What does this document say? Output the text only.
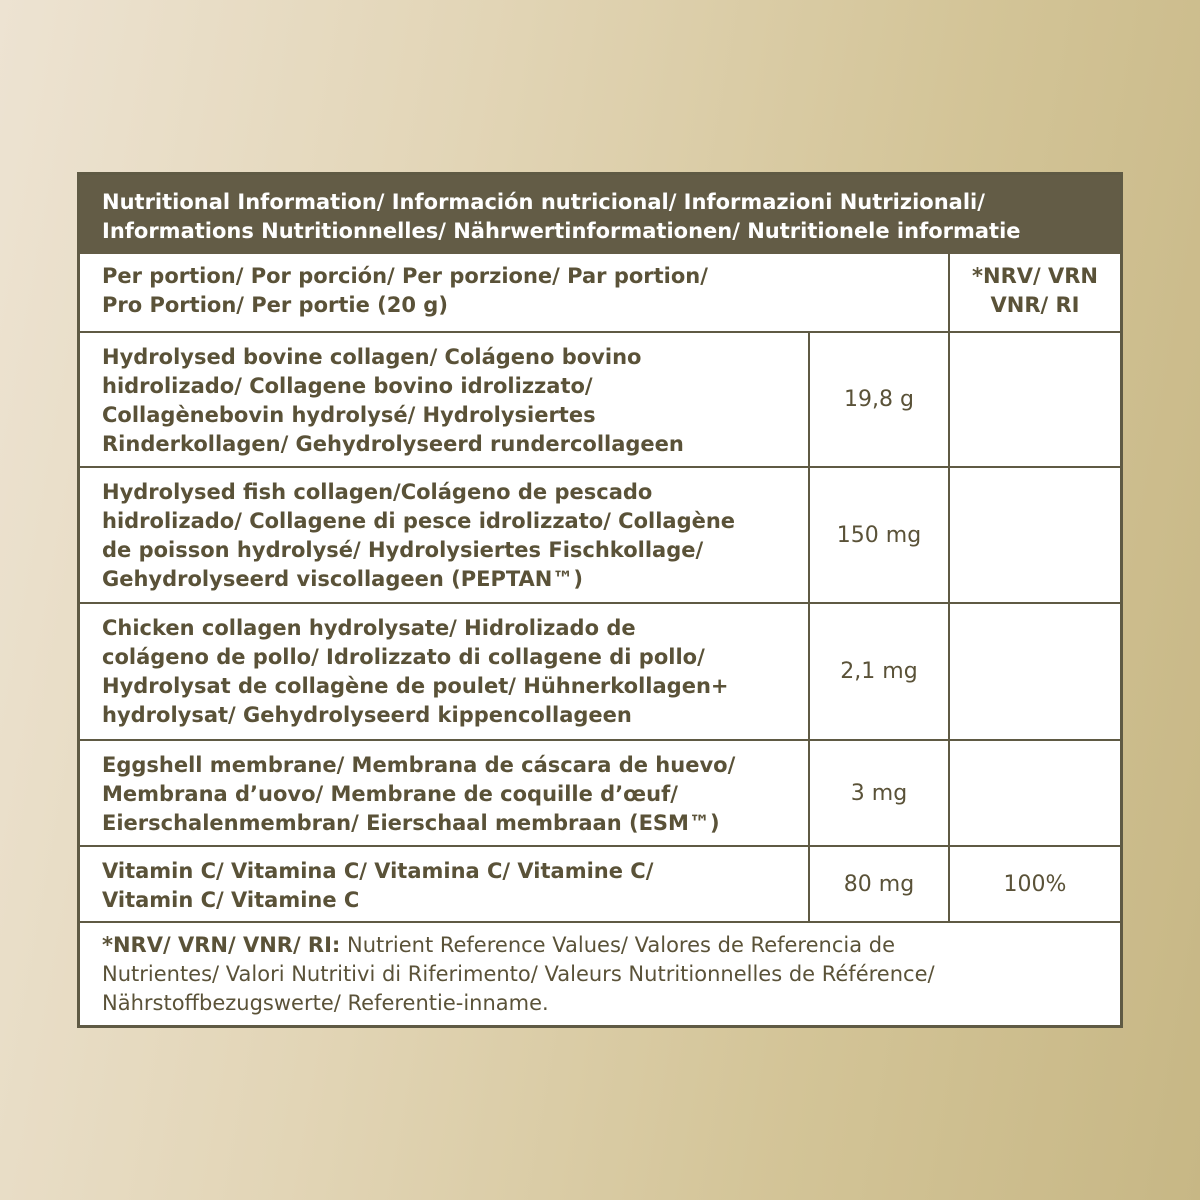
Nutritional Information/ Información nutricional/ Informazioni Nutrizionali/
Informations Nutritionnelles/ Nährwertinformationen/ Nutritionele informatie
Per portion/ Por porción/ Per porzione/ Par portion/
Pro Portion/ Per portie (20 g)
*NRV/ VRN
VNR/ RI
Hydrolysed bovine collagen/ Colágeno bovino
hidrolizado/ Collagene bovino idrolizzato/
Collagènebovin hydrolysé/ Hydrolysiertes
Rinderkollagen/ Gehydrolyseerd rundercollageen
19,8 g
Hydrolysed fish collagen/Colágeno de pescado
hidrolizado/ Collagene di pesce idrolizzato/ Collagène
de poisson hydrolysé/ Hydrolysiertes Fischkollage/
Gehydrolyseerd viscollageen (PEPTAN™)
150 mg
Chicken collagen hydrolysate/ Hidrolizado de
colágeno de pollo/ Idrolizzato di collagene di pollo/
Hydrolysat de collagène de poulet/ Hühnerkollagen+
hydrolysat/ Gehydrolyseerd kippencollageen
2,1 mg
Eggshell membrane/ Membrana de cáscara de huevo/
Membrana d’uovo/ Membrane de coquille d’œuf/
Eierschalenmembran/ Eierschaal membraan (ESM™)
3 mg
Vitamin C/ Vitamina C/ Vitamina C/ Vitamine C/
Vitamin C/ Vitamine C
80 mg	100%
*NRV/ VRN/ VNR/ RI: Nutrient Reference Values/ Valores de Referencia de
Nutrientes/ Valori Nutritivi di Riferimento/ Valeurs Nutritionnelles de Référence/
Nährstoffbezugswerte/ Referentie-inname.
